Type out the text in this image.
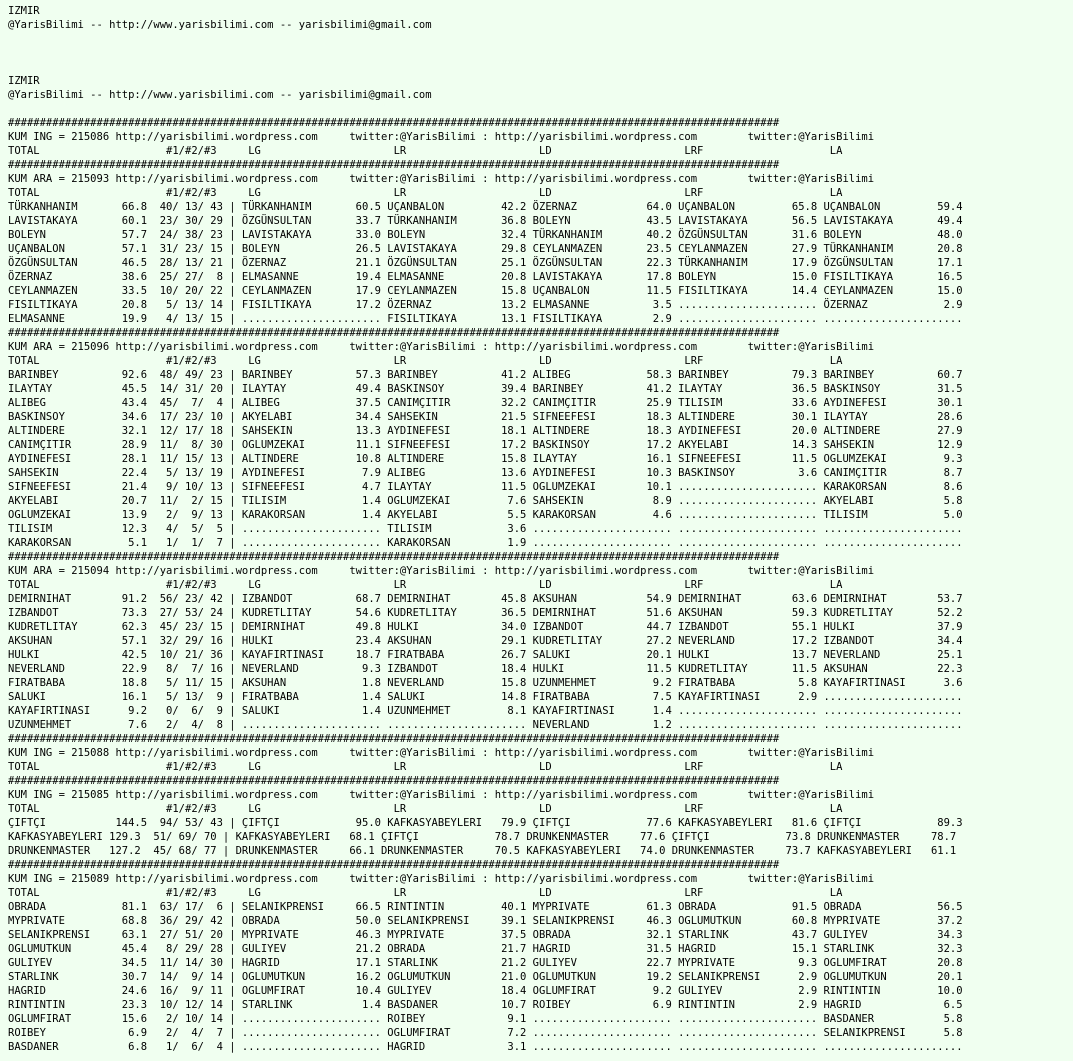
IZMIR
@YarisBilimi -- http://www.yarisbilimi.com -- yarisbilimi@gmail.com
IZMIR
@YarisBilimi -- http://www.yarisbilimi.com -- yarisbilimi@gmail.com
##########################################################################################################################
KUM ING = 215086 http://yarisbilimi.wordpress.com     twitter:@YarisBilimi : http://yarisbilimi.wordpress.com        twitter:@YarisBilimi
TOTAL                    #1/#2/#3     LG                     LR                     LD                     LRF                    LA
##########################################################################################################################
KUM ARA = 215093 http://yarisbilimi.wordpress.com     twitter:@YarisBilimi : http://yarisbilimi.wordpress.com        twitter:@YarisBilimi
TOTAL                    #1/#2/#3     LG                     LR                     LD                     LRF                    LA
TÜRKANHANIM       66.8  40/ 13/ 43 | TÜRKANHANIM       60.5 UÇANBALON         42.2 ÖZERNAZ           64.0 UÇANBALON         65.8 UÇANBALON         59.4
LAVISTAKAYA       60.1  23/ 30/ 29 | ÖZGÜNSULTAN       33.7 TÜRKANHANIM       36.8 BOLEYN            43.5 LAVISTAKAYA       56.5 LAVISTAKAYA       49.4
BOLEYN            57.7  24/ 38/ 23 | LAVISTAKAYA       33.0 BOLEYN            32.4 TÜRKANHANIM       40.2 ÖZGÜNSULTAN       31.6 BOLEYN            48.0
UÇANBALON         57.1  31/ 23/ 15 | BOLEYN            26.5 LAVISTAKAYA       29.8 CEYLANMAZEN       23.5 CEYLANMAZEN       27.9 TÜRKANHANIM       20.8
ÖZGÜNSULTAN       46.5  28/ 13/ 21 | ÖZERNAZ           21.1 ÖZGÜNSULTAN       25.1 ÖZGÜNSULTAN       22.3 TÜRKANHANIM       17.9 ÖZGÜNSULTAN       17.1
ÖZERNAZ           38.6  25/ 27/  8 | ELMASANNE         19.4 ELMASANNE         20.8 LAVISTAKAYA       17.8 BOLEYN            15.0 FISILTIKAYA       16.5
CEYLANMAZEN       33.5  10/ 20/ 22 | CEYLANMAZEN       17.9 CEYLANMAZEN       15.8 UÇANBALON         11.5 FISILTIKAYA       14.4 CEYLANMAZEN       15.0
FISILTIKAYA       20.8   5/ 13/ 14 | FISILTIKAYA       17.2 ÖZERNAZ           13.2 ELMASANNE          3.5 ...................... ÖZERNAZ            2.9
ELMASANNE         19.9   4/ 13/ 15 | ...................... FISILTIKAYA       13.1 FISILTIKAYA        2.9 ...................... ......................
##########################################################################################################################
KUM ARA = 215096 http://yarisbilimi.wordpress.com     twitter:@YarisBilimi : http://yarisbilimi.wordpress.com        twitter:@YarisBilimi
TOTAL                    #1/#2/#3     LG                     LR                     LD                     LRF                    LA
BARINBEY          92.6  48/ 49/ 23 | BARINBEY          57.3 BARINBEY          41.2 ALIBEG            58.3 BARINBEY          79.3 BARINBEY          60.7
ILAYTAY           45.5  14/ 31/ 20 | ILAYTAY           49.4 BASKINSOY         39.4 BARINBEY          41.2 ILAYTAY           36.5 BASKINSOY         31.5
ALIBEG            43.4  45/  7/  4 | ALIBEG            37.5 CANIMÇITIR        32.2 CANIMÇITIR        25.9 TILISIM           33.6 AYDINEFESI        30.1
BASKINSOY         34.6  17/ 23/ 10 | AKYELABI          34.4 SAHSEKIN          21.5 SIFNEEFESI        18.3 ALTINDERE         30.1 ILAYTAY           28.6
ALTINDERE         32.1  12/ 17/ 18 | SAHSEKIN          13.3 AYDINEFESI        18.1 ALTINDERE         18.3 AYDINEFESI        20.0 ALTINDERE         27.9
CANIMÇITIR        28.9  11/  8/ 30 | OGLUMZEKAI        11.1 SIFNEEFESI        17.2 BASKINSOY         17.2 AKYELABI          14.3 SAHSEKIN          12.9
AYDINEFESI        28.1  11/ 15/ 13 | ALTINDERE         10.8 ALTINDERE         15.8 ILAYTAY           16.1 SIFNEEFESI        11.5 OGLUMZEKAI         9.3
SAHSEKIN          22.4   5/ 13/ 19 | AYDINEFESI         7.9 ALIBEG            13.6 AYDINEFESI        10.3 BASKINSOY          3.6 CANIMÇITIR         8.7
SIFNEEFESI        21.4   9/ 10/ 13 | SIFNEEFESI         4.7 ILAYTAY           11.5 OGLUMZEKAI        10.1 ...................... KARAKORSAN         8.6
AKYELABI          20.7  11/  2/ 15 | TILISIM            1.4 OGLUMZEKAI         7.6 SAHSEKIN           8.9 ...................... AKYELABI           5.8
OGLUMZEKAI        13.9   2/  9/ 13 | KARAKORSAN         1.4 AKYELABI           5.5 KARAKORSAN         4.6 ...................... TILISIM            5.0
TILISIM           12.3   4/  5/  5 | ...................... TILISIM            3.6 ...................... ...................... ......................
KARAKORSAN         5.1   1/  1/  7 | ...................... KARAKORSAN         1.9 ...................... ...................... ......................
##########################################################################################################################
KUM ARA = 215094 http://yarisbilimi.wordpress.com     twitter:@YarisBilimi : http://yarisbilimi.wordpress.com        twitter:@YarisBilimi
TOTAL                    #1/#2/#3     LG                     LR                     LD                     LRF                    LA
DEMIRNIHAT        91.2  56/ 23/ 42 | IZBANDOT          68.7 DEMIRNIHAT        45.8 AKSUHAN           54.9 DEMIRNIHAT        63.6 DEMIRNIHAT        53.7
IZBANDOT          73.3  27/ 53/ 24 | KUDRETLITAY       54.6 KUDRETLITAY       36.5 DEMIRNIHAT        51.6 AKSUHAN           59.3 KUDRETLITAY       52.2
KUDRETLITAY       62.3  45/ 23/ 15 | DEMIRNIHAT        49.8 HULKI             34.0 IZBANDOT          44.7 IZBANDOT          55.1 HULKI             37.9
AKSUHAN           57.1  32/ 29/ 16 | HULKI             23.4 AKSUHAN           29.1 KUDRETLITAY       27.2 NEVERLAND         17.2 IZBANDOT          34.4
HULKI             42.5  10/ 21/ 36 | KAYAFIRTINASI     18.7 FIRATBABA         26.7 SALUKI            20.1 HULKI             13.7 NEVERLAND         25.1
NEVERLAND         22.9   8/  7/ 16 | NEVERLAND          9.3 IZBANDOT          18.4 HULKI             11.5 KUDRETLITAY       11.5 AKSUHAN           22.3
FIRATBABA         18.8   5/ 11/ 15 | AKSUHAN            1.8 NEVERLAND         15.8 UZUNMEHMET         9.2 FIRATBABA          5.8 KAYAFIRTINASI      3.6
SALUKI            16.1   5/ 13/  9 | FIRATBABA          1.4 SALUKI            14.8 FIRATBABA          7.5 KAYAFIRTINASI      2.9 ......................
KAYAFIRTINASI      9.2   0/  6/  9 | SALUKI             1.4 UZUNMEHMET         8.1 KAYAFIRTINASI      1.4 ...................... ......................
UZUNMEHMET         7.6   2/  4/  8 | ...................... ...................... NEVERLAND          1.2 ...................... ......................
##########################################################################################################################
KUM ING = 215088 http://yarisbilimi.wordpress.com     twitter:@YarisBilimi : http://yarisbilimi.wordpress.com        twitter:@YarisBilimi
TOTAL                    #1/#2/#3     LG                     LR                     LD                     LRF                    LA
##########################################################################################################################
KUM ING = 215085 http://yarisbilimi.wordpress.com     twitter:@YarisBilimi : http://yarisbilimi.wordpress.com        twitter:@YarisBilimi
TOTAL                    #1/#2/#3     LG                     LR                     LD                     LRF                    LA
ÇIFTÇI           144.5  94/ 53/ 43 | ÇIFTÇI            95.0 KAFKASYABEYLERI   79.9 ÇIFTÇI            77.6 KAFKASYABEYLERI   81.6 ÇIFTÇI            89.3
KAFKASYABEYLERI 129.3  51/ 69/ 70 | KAFKASYABEYLERI   68.1 ÇIFTÇI            78.7 DRUNKENMASTER     77.6 ÇIFTÇI            73.8 DRUNKENMASTER     78.7
DRUNKENMASTER   127.2  45/ 68/ 77 | DRUNKENMASTER     66.1 DRUNKENMASTER     70.5 KAFKASYABEYLERI   74.0 DRUNKENMASTER     73.7 KAFKASYABEYLERI   61.1
##########################################################################################################################
KUM ING = 215089 http://yarisbilimi.wordpress.com     twitter:@YarisBilimi : http://yarisbilimi.wordpress.com        twitter:@YarisBilimi
TOTAL                    #1/#2/#3     LG                     LR                     LD                     LRF                    LA
OBRADA            81.1  63/ 17/  6 | SELANIKPRENSI     66.5 RINTINTIN         40.1 MYPRIVATE         61.3 OBRADA            91.5 OBRADA            56.5
MYPRIVATE         68.8  36/ 29/ 42 | OBRADA            50.0 SELANIKPRENSI     39.1 SELANIKPRENSI     46.3 OGLUMUTKUN        60.8 MYPRIVATE         37.2
SELANIKPRENSI     63.1  27/ 51/ 20 | MYPRIVATE         46.3 MYPRIVATE         37.5 OBRADA            32.1 STARLINK          43.7 GULIYEV           34.3
OGLUMUTKUN        45.4   8/ 29/ 28 | GULIYEV           21.2 OBRADA            21.7 HAGRID            31.5 HAGRID            15.1 STARLINK          32.3
GULIYEV           34.5  11/ 14/ 30 | HAGRID            17.1 STARLINK          21.2 GULIYEV           22.7 MYPRIVATE          9.3 OGLUMFIRAT        20.8
STARLINK          30.7  14/  9/ 14 | OGLUMUTKUN        16.2 OGLUMUTKUN        21.0 OGLUMUTKUN        19.2 SELANIKPRENSI      2.9 OGLUMUTKUN        20.1
HAGRID            24.6  16/  9/ 11 | OGLUMFIRAT        10.4 GULIYEV           18.4 OGLUMFIRAT         9.2 GULIYEV            2.9 RINTINTIN         10.0
RINTINTIN         23.3  10/ 12/ 14 | STARLINK           1.4 BASDANER          10.7 ROIBEY             6.9 RINTINTIN          2.9 HAGRID             6.5
OGLUMFIRAT        15.6   2/ 10/ 14 | ...................... ROIBEY             9.1 ...................... ...................... BASDANER           5.8
ROIBEY             6.9   2/  4/  7 | ...................... OGLUMFIRAT         7.2 ...................... ...................... SELANIKPRENSI      5.8
BASDANER           6.8   1/  6/  4 | ...................... HAGRID             3.1 ...................... ...................... ......................
